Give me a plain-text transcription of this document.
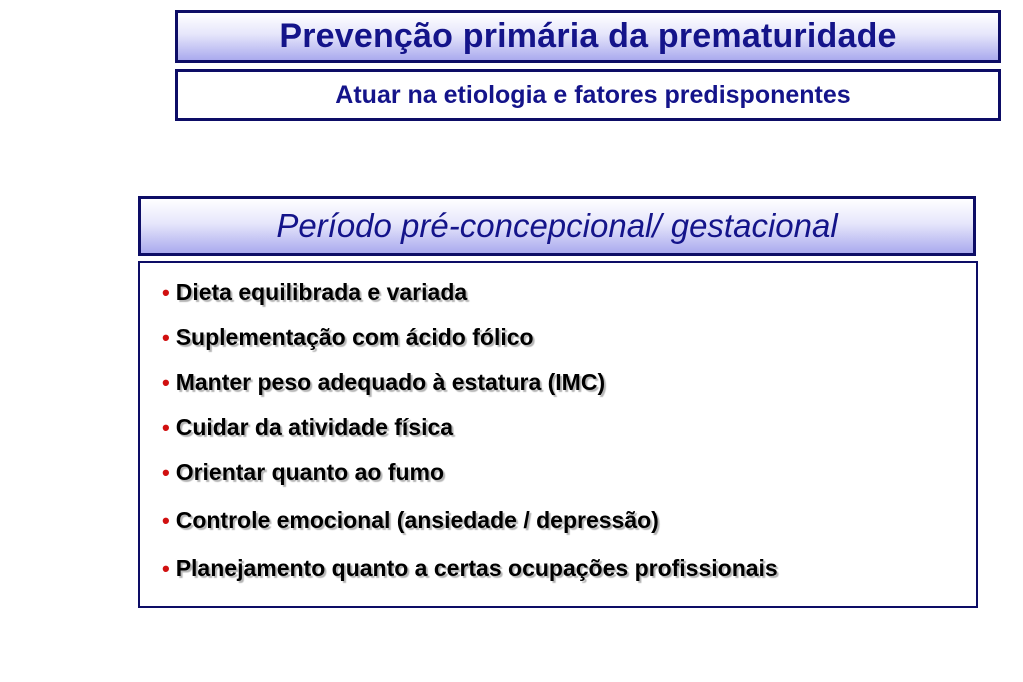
Prevenção primária da prematuridade
Atuar na etiologia e fatores predisponentes
Período pré-concepcional/ gestacional
• Dieta equilibrada e variada
• Suplementação com ácido fólico
• Manter peso adequado à estatura (IMC)
• Cuidar da atividade física
• Orientar quanto ao fumo
• Controle emocional (ansiedade / depressão)
• Planejamento quanto a certas ocupações profissionais
